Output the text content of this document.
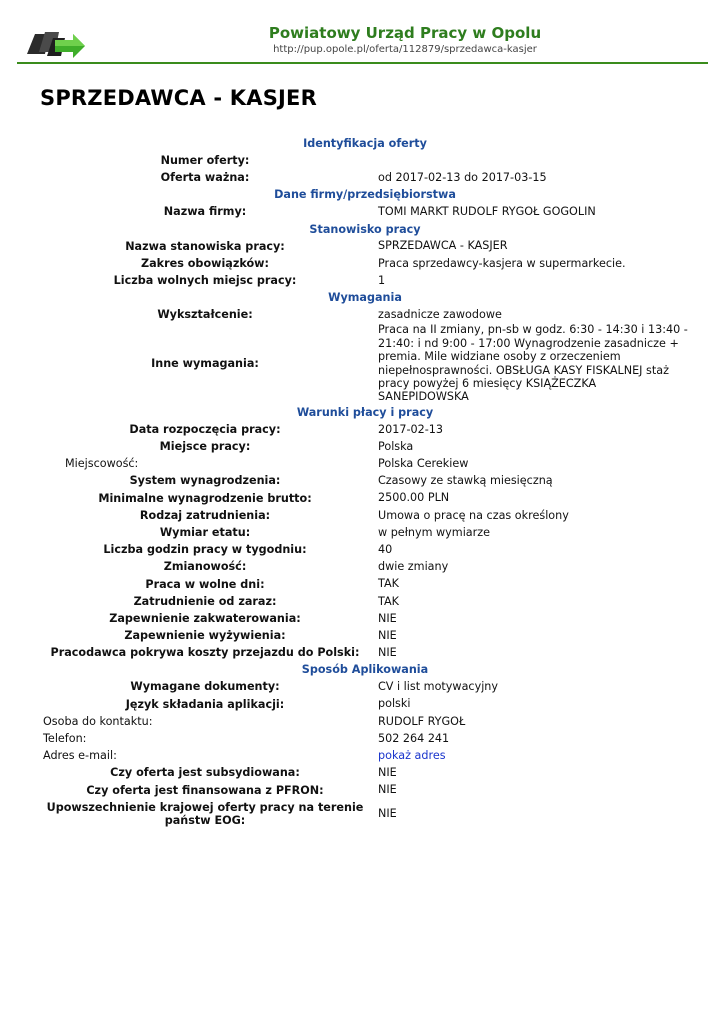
Powiatowy Urząd Pracy w Opolu
http://pup.opole.pl/oferta/112879/sprzedawca-kasjer
SPRZEDAWCA - KASJER
Identyfikacja oferty		
Numer oferty:		
Oferta ważna:		od 2017-02-13 do 2017-03-15
Dane firmy/przedsiębiorstwa		
Nazwa firmy:		TOMI MARKT RUDOLF RYGOŁ GOGOLIN
Stanowisko pracy		
Nazwa stanowiska pracy:		SPRZEDAWCA - KASJER
Zakres obowiązków:		Praca sprzedawcy-kasjera w supermarkecie.
Liczba wolnych miejsc pracy:		1
Wymagania		
Wykształcenie:		zasadnicze zawodowe
Inne wymagania:		Praca na II zmiany, pn-sb w godz. 6:30 - 14:30 i 13:40 - 21:40: i nd 9:00 - 17:00 Wynagrodzenie zasadnicze + premia. Mile widziane osoby z orzeczeniem niepełnosprawności. OBSŁUGA KASY FISKALNEJ staż pracy powyżej 6 miesięcy KSIĄŻECZKA SANEPIDOWSKA
Warunki płacy i pracy		
Data rozpoczęcia pracy:		2017-02-13
Miejsce pracy:		Polska
Miejscowość:		Polska Cerekiew
System wynagrodzenia:		Czasowy ze stawką miesięczną
Minimalne wynagrodzenie brutto:		2500.00 PLN
Rodzaj zatrudnienia:		Umowa o pracę na czas określony
Wymiar etatu:		w pełnym wymiarze
Liczba godzin pracy w tygodniu:		40
Zmianowość:		dwie zmiany
Praca w wolne dni:		TAK
Zatrudnienie od zaraz:		TAK
Zapewnienie zakwaterowania:		NIE
Zapewnienie wyżywienia:		NIE
Pracodawca pokrywa koszty przejazdu do Polski:		NIE
Sposób Aplikowania		
Wymagane dokumenty:		CV i list motywacyjny
Język składania aplikacji:		polski
Osoba do kontaktu:		RUDOLF RYGOŁ
Telefon:		502 264 241
Adres e-mail:		pokaż adres
Czy oferta jest subsydiowana:		NIE
Czy oferta jest finansowana z PFRON:		NIE
Upowszechnienie krajowej oferty pracy na terenie państw EOG:		NIE
